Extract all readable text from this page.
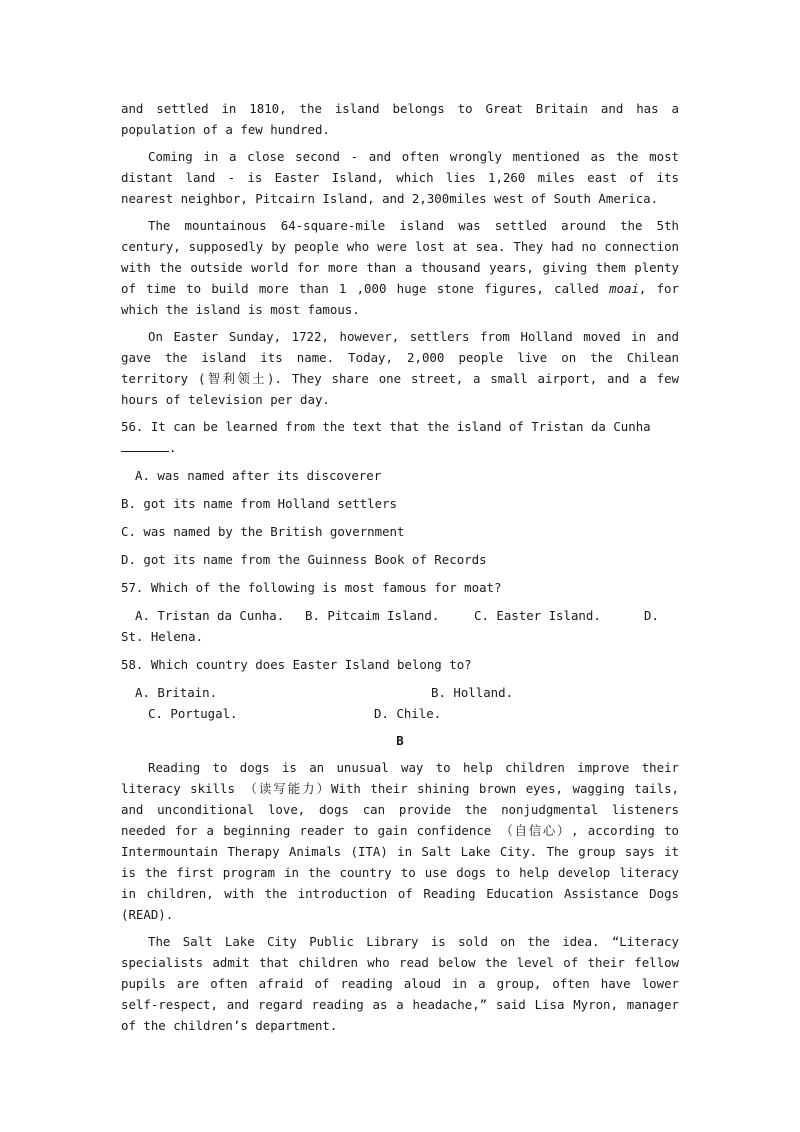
and settled in 1810, the island belongs to Great Britain and has a population of a few hundred.

Coming in a close second - and often wrongly mentioned as the most distant land - is Easter Island, which lies 1,260 miles east of its nearest neighbor, Pitcairn Island, and 2,300miles west of South America.

The mountainous 64-square-mile island was settled around the 5th century, supposedly by people who were lost at sea. They had no connection with the outside world for more than a thousand years, giving them plenty of time to build more than 1 ,000 huge stone figures, called moai, for which the island is most famous.

On Easter Sunday, 1722, however, settlers from Holland moved in and gave the island its name. Today, 2,000 people live on the Chilean territory (智利领土). They share one street, a small airport, and a few hours of television per day.

56. It can be learned from the text that the island of Tristan da Cunha
.

A. was named after its discoverer
B. got its name from Holland settlers
C. was named by the British government
D. got its name from the Guinness Book of Records
57. Which of the following is most famous for moat?
A. Tristan da Cunha.	B. Pitcaim Island.	C. Easter Island.	D.
St. Helena.
58. Which country does Easter Island belong to?
A. Britain.	B. Holland.
C. Portugal.	D. Chile.
B

Reading to dogs is an unusual way to help children improve their literacy skills （读写能力）With their shining brown eyes, wagging tails, and unconditional love, dogs can provide the nonjudgmental listeners needed for a beginning reader to gain confidence （自信心）, according to Intermountain Therapy Animals (ITA) in Salt Lake City. The group says it is the first program in the country to use dogs to help develop literacy in children, with the introduction of Reading Education Assistance Dogs (READ).

The Salt Lake City Public Library is sold on the idea. “Literacy specialists admit that children who read below the level of their fellow pupils are often afraid of reading aloud in a group, often have lower self-respect, and regard reading as a headache,” said Lisa Myron, manager of the children’s department.
